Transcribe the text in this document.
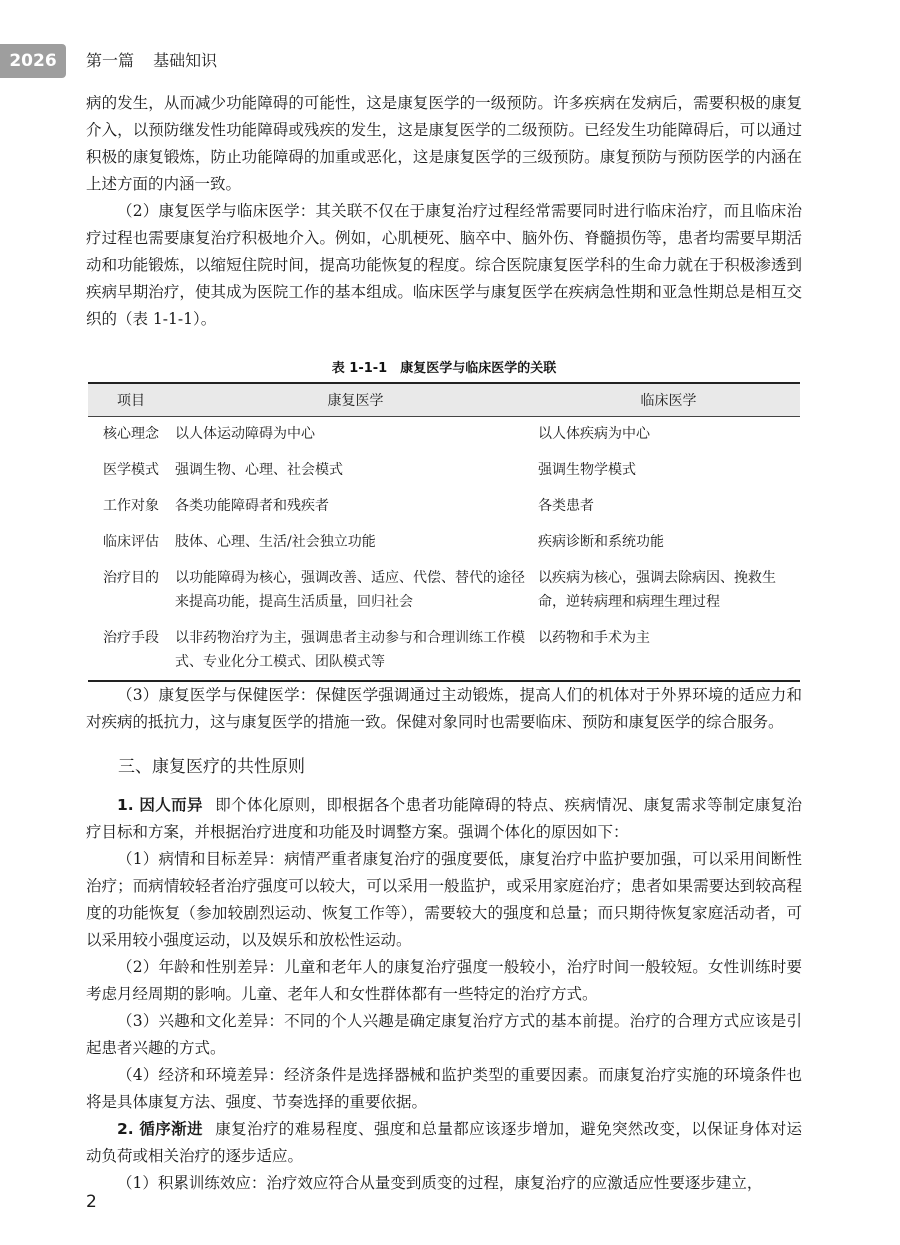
2026	第一篇 基础知识

病的发生，从而减少功能障碍的可能性，这是康复医学的一级预防。许多疾病在发病后，需要积极的康复介入，以预防继发性功能障碍或残疾的发生，这是康复医学的二级预防。已经发生功能障碍后，可以通过积极的康复锻炼，防止功能障碍的加重或恶化，这是康复医学的三级预防。康复预防与预防医学的内涵在上述方面的内涵一致。

（2）康复医学与临床医学：其关联不仅在于康复治疗过程经常需要同时进行临床治疗，而且临床治疗过程也需要康复治疗积极地介入。例如，心肌梗死、脑卒中、脑外伤、脊髓损伤等，患者均需要早期活动和功能锻炼，以缩短住院时间，提高功能恢复的程度。综合医院康复医学科的生命力就在于积极渗透到疾病早期治疗，使其成为医院工作的基本组成。临床医学与康复医学在疾病急性期和亚急性期总是相互交织的（表 1-1-1）。

表 1-1-1　康复医学与临床医学的关联
项目	康复医学	临床医学
核心理念	以人体运动障碍为中心	以人体疾病为中心
医学模式	强调生物、心理、社会模式	强调生物学模式
工作对象	各类功能障碍者和残疾者	各类患者
临床评估	肢体、心理、生活/社会独立功能	疾病诊断和系统功能
治疗目的	以功能障碍为核心，强调改善、适应、代偿、替代的途径来提高功能，提高生活质量，回归社会	以疾病为核心，强调去除病因、挽救生命，逆转病理和病理生理过程
治疗手段	以非药物治疗为主，强调患者主动参与和合理训练工作模式、专业化分工模式、团队模式等	以药物和手术为主

（3）康复医学与保健医学：保健医学强调通过主动锻炼，提高人们的机体对于外界环境的适应力和对疾病的抵抗力，这与康复医学的措施一致。保健对象同时也需要临床、预防和康复医学的综合服务。

三、康复医疗的共性原则

1. 因人而异 即个体化原则，即根据各个患者功能障碍的特点、疾病情况、康复需求等制定康复治疗目标和方案，并根据治疗进度和功能及时调整方案。强调个体化的原因如下：

（1）病情和目标差异：病情严重者康复治疗的强度要低，康复治疗中监护要加强，可以采用间断性治疗；而病情较轻者治疗强度可以较大，可以采用一般监护，或采用家庭治疗；患者如果需要达到较高程度的功能恢复（参加较剧烈运动、恢复工作等），需要较大的强度和总量；而只期待恢复家庭活动者，可以采用较小强度运动，以及娱乐和放松性运动。

（2）年龄和性别差异：儿童和老年人的康复治疗强度一般较小，治疗时间一般较短。女性训练时要考虑月经周期的影响。儿童、老年人和女性群体都有一些特定的治疗方式。

（3）兴趣和文化差异：不同的个人兴趣是确定康复治疗方式的基本前提。治疗的合理方式应该是引起患者兴趣的方式。

（4）经济和环境差异：经济条件是选择器械和监护类型的重要因素。而康复治疗实施的环境条件也将是具体康复方法、强度、节奏选择的重要依据。

2. 循序渐进 康复治疗的难易程度、强度和总量都应该逐步增加，避免突然改变，以保证身体对运动负荷或相关治疗的逐步适应。

（1）积累训练效应：治疗效应符合从量变到质变的过程，康复治疗的应激适应性要逐步建立，

2
